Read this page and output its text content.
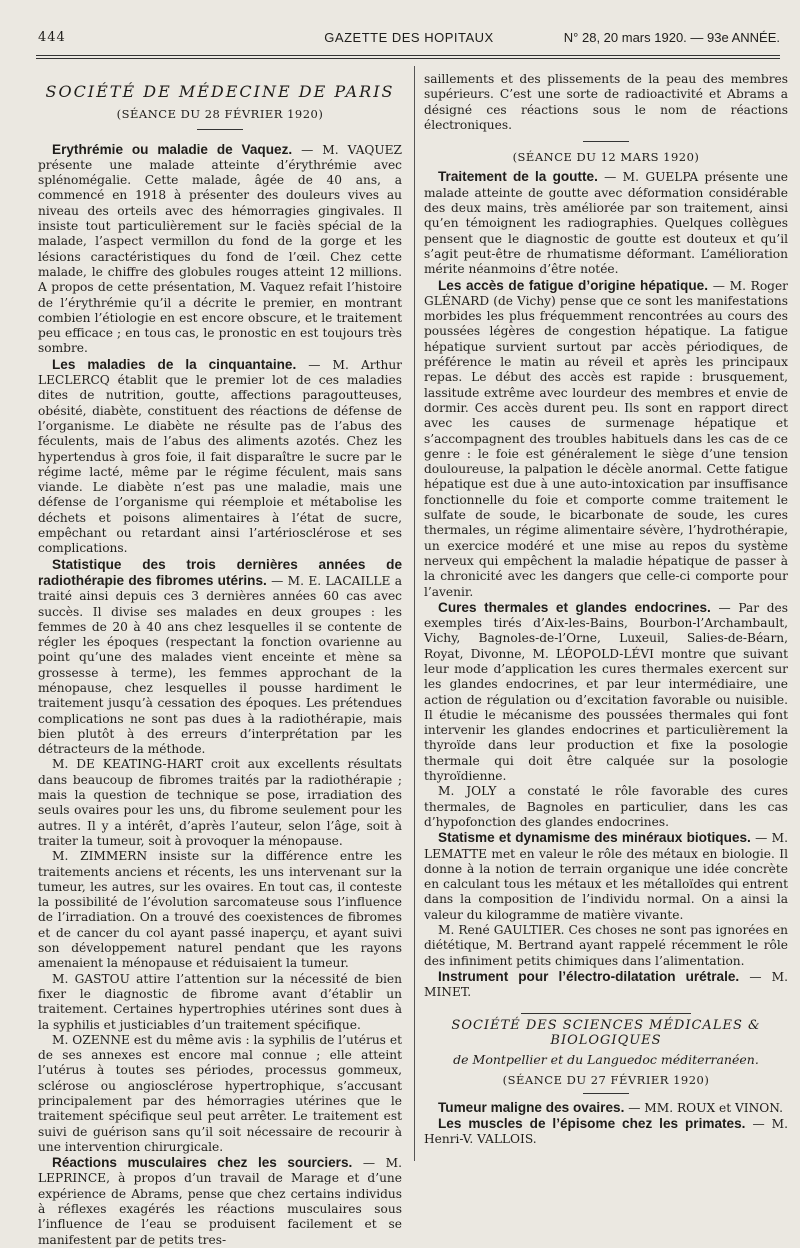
444	GAZETTE DES HOPITAUX	N° 28, 20 mars 1920. — 93e ANNÉE.
SOCIÉTÉ DE MÉDECINE DE PARIS
(SÉANCE DU 28 FÉVRIER 1920)

Erythrémie ou maladie de Vaquez. — M. VAQUEZ présente une malade atteinte d’érythrémie avec splénomégalie. Cette malade, âgée de 40 ans, a commencé en 1918 à présenter des douleurs vives au niveau des orteils avec des hémorragies gingivales. Il insiste tout particulièrement sur le faciès spécial de la malade, l’aspect vermillon du fond de la gorge et les lésions caractéristiques du fond de l’œil. Chez cette malade, le chiffre des globules rouges atteint 12 millions. A propos de cette présentation, M. Vaquez refait l’histoire de l’érythrémie qu’il a décrite le premier, en montrant combien l’étiologie en est encore obscure, et le traitement peu efficace ; en tous cas, le pronostic en est toujours très sombre.

Les maladies de la cinquantaine. — M. Arthur LECLERCQ établit que le premier lot de ces maladies dites de nutrition, goutte, affections paragoutteuses, obésité, diabète, constituent des réactions de défense de l’organisme. Le diabète ne résulte pas de l’abus des féculents, mais de l’abus des aliments azotés. Chez les hypertendus à gros foie, il fait disparaître le sucre par le régime lacté, même par le régime féculent, mais sans viande. Le diabète n’est pas une maladie, mais une défense de l’organisme qui réemploie et métabolise les déchets et poisons alimentaires à l’état de sucre, empêchant ou retardant ainsi l’artériosclérose et ses complications.

Statistique des trois dernières années de radiothérapie des fibromes utérins. — M. E. LACAILLE a traité ainsi depuis ces 3 dernières années 60 cas avec succès. Il divise ses malades en deux groupes : les femmes de 20 à 40 ans chez lesquelles il se contente de régler les époques (respectant la fonction ovarienne au point qu’une des malades vient enceinte et mène sa grossesse à terme), les femmes approchant de la ménopause, chez lesquelles il pousse hardiment le traitement jusqu’à cessation des époques. Les prétendues complications ne sont pas dues à la radiothérapie, mais bien plutôt à des erreurs d’interprétation par les détracteurs de la méthode.

M. DE KEATING-HART croit aux excellents résultats dans beaucoup de fibromes traités par la radiothérapie ; mais la question de technique se pose, irradiation des seuls ovaires pour les uns, du fibrome seulement pour les autres. Il y a intérêt, d’après l’auteur, selon l’âge, soit à traiter la tumeur, soit à provoquer la ménopause.

M. ZIMMERN insiste sur la différence entre les traitements anciens et récents, les uns intervenant sur la tumeur, les autres, sur les ovaires. En tout cas, il conteste la possibilité de l’évolution sarcomateuse sous l’influence de l’irradiation. On a trouvé des coexistences de fibromes et de cancer du col ayant passé inaperçu, et ayant suivi son développement naturel pendant que les rayons amenaient la ménopause et réduisaient la tumeur.

M. GASTOU attire l’attention sur la nécessité de bien fixer le diagnostic de fibrome avant d’établir un traitement. Certaines hypertrophies utérines sont dues à la syphilis et justiciables d’un traitement spécifique.

M. OZENNE est du même avis : la syphilis de l’utérus et de ses annexes est encore mal connue ; elle atteint l’utérus à toutes ses périodes, processus gommeux, sclérose ou angiosclérose hypertrophique, s’accusant principalement par des hémorragies utérines que le traitement spécifique seul peut arrêter. Le traitement est suivi de guérison sans qu’il soit nécessaire de recourir à une intervention chirurgicale.

Réactions musculaires chez les sourciers. — M. LEPRINCE, à propos d’un travail de Marage et d’une expérience de Abrams, pense que chez certains individus à réflexes exagérés les réactions musculaires sous l’influence de l’eau se produisent facilement et se manifestent par de petits tres-

saillements et des plissements de la peau des membres supérieurs. C’est une sorte de radioactivité et Abrams a désigné ces réactions sous le nom de réactions électroniques.

(SÉANCE DU 12 MARS 1920)

Traitement de la goutte. — M. GUELPA présente une malade atteinte de goutte avec déformation considérable des deux mains, très améliorée par son traitement, ainsi qu’en témoignent les radiographies. Quelques collègues pensent que le diagnostic de goutte est douteux et qu’il s’agit peut-être de rhumatisme déformant. L’amélioration mérite néanmoins d’être notée.

Les accès de fatigue d’origine hépatique. — M. Roger GLÉNARD (de Vichy) pense que ce sont les manifestations morbides les plus fréquemment rencontrées au cours des poussées légères de congestion hépatique. La fatigue hépatique survient surtout par accès périodiques, de préférence le matin au réveil et après les principaux repas. Le début des accès est rapide : brusquement, lassitude extrême avec lourdeur des membres et envie de dormir. Ces accès durent peu. Ils sont en rapport direct avec les causes de surmenage hépatique et s’accompagnent des troubles habituels dans les cas de ce genre : le foie est généralement le siège d’une tension douloureuse, la palpation le décèle anormal. Cette fatigue hépatique est due à une auto-intoxication par insuffisance fonctionnelle du foie et comporte comme traitement le sulfate de soude, le bicarbonate de soude, les cures thermales, un régime alimentaire sévère, l’hydrothérapie, un exercice modéré et une mise au repos du système nerveux qui empêchent la maladie hépatique de passer à la chronicité avec les dangers que celle-ci comporte pour l’avenir.

Cures thermales et glandes endocrines. — Par des exemples tirés d’Aix-les-Bains, Bourbon-l’Archambault, Vichy, Bagnoles-de-l’Orne, Luxeuil, Salies-de-Béarn, Royat, Divonne, M. LÉOPOLD-LÉVI montre que suivant leur mode d’application les cures thermales exercent sur les glandes endocrines, et par leur intermédiaire, une action de régulation ou d’excitation favorable ou nuisible. Il étudie le mécanisme des poussées thermales qui font intervenir les glandes endocrines et particulièrement la thyroïde dans leur production et fixe la posologie thermale qui doit être calquée sur la posologie thyroïdienne.

M. JOLY a constaté le rôle favorable des cures thermales, de Bagnoles en particulier, dans les cas d’hypofonction des glandes endocrines.

Statisme et dynamisme des minéraux biotiques. — M. LEMATTE met en valeur le rôle des métaux en biologie. Il donne à la notion de terrain organique une idée concrète en calculant tous les métaux et les métalloïdes qui entrent dans la composition de l’individu normal. On a ainsi la valeur du kilogramme de matière vivante.

M. René GAULTIER. Ces choses ne sont pas ignorées en diététique, M. Bertrand ayant rappelé récemment le rôle des infiniment petits chimiques dans l’alimentation.

Instrument pour l’électro-dilatation urétrale. — M. MINET.

SOCIÉTÉ DES SCIENCES MÉDICALES & BIOLOGIQUES
de Montpellier et du Languedoc méditerranéen.
(SÉANCE DU 27 FÉVRIER 1920)

Tumeur maligne des ovaires. — MM. ROUX et VINON.

Les muscles de l’épisome chez les primates. — M. Henri-V. VALLOIS.
